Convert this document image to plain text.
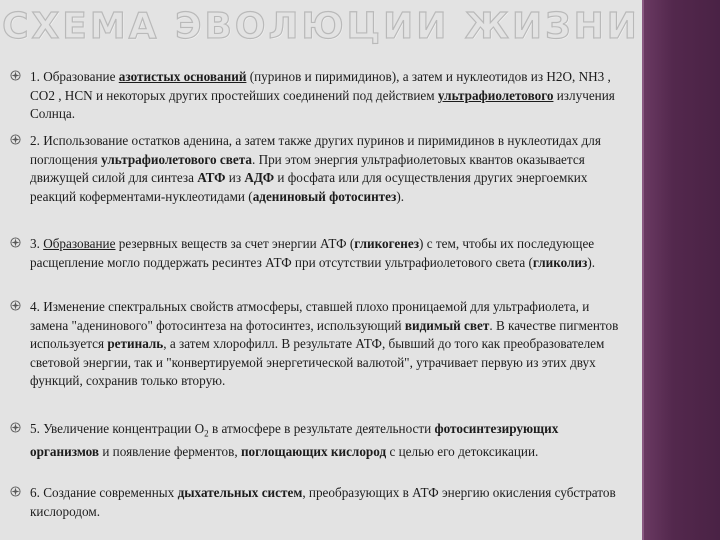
СХЕМА ЭВОЛЮЦИИ ЖИЗНИ
1. Образование азотистых оснований (пуринов и пиримидинов), а затем и нуклеотидов из H2O, NH3 , CO2 , HCN и некоторых других простейших соединений под действием ультрафиолетового излучения Солнца.
2. Использование остатков аденина, а затем также других пуринов и пиримидинов в нуклеотидах для поглощения ультрафиолетового света. При этом энергия ультрафиолетовых квантов оказывается движущей силой для синтеза АТФ из АДФ и фосфата или для осуществления других энергоемких реакций коферментами-нуклеотидами (адениновый фотосинтез).
3. Образование резервных веществ за счет энергии АТФ (гликогенез) с тем, чтобы их последующее расщепление могло поддержать ресинтез АТФ при отсутствии ультрафиолетового света (гликолиз).
4. Изменение спектральных свойств атмосферы, ставшей плохо проницаемой для ультрафиолета, и замена "аденинового" фотосинтеза на фотосинтез, использующий видимый свет. В качестве пигментов используется ретиналь, а затем хлорофилл. В результате АТФ, бывший до того как преобразователем световой энергии, так и "конвертируемой энергетической валютой", утрачивает первую из этих двух функций, сохранив только вторую.
5. Увеличение концентрации $O_2$ в атмосфере в результате деятельности фотосинтезирующих организмов и появление ферментов, поглощающих кислород с целью его детоксикации.
6. Создание современных дыхательных систем, преобразующих в АТФ энергию окисления субстратов кислородом.
